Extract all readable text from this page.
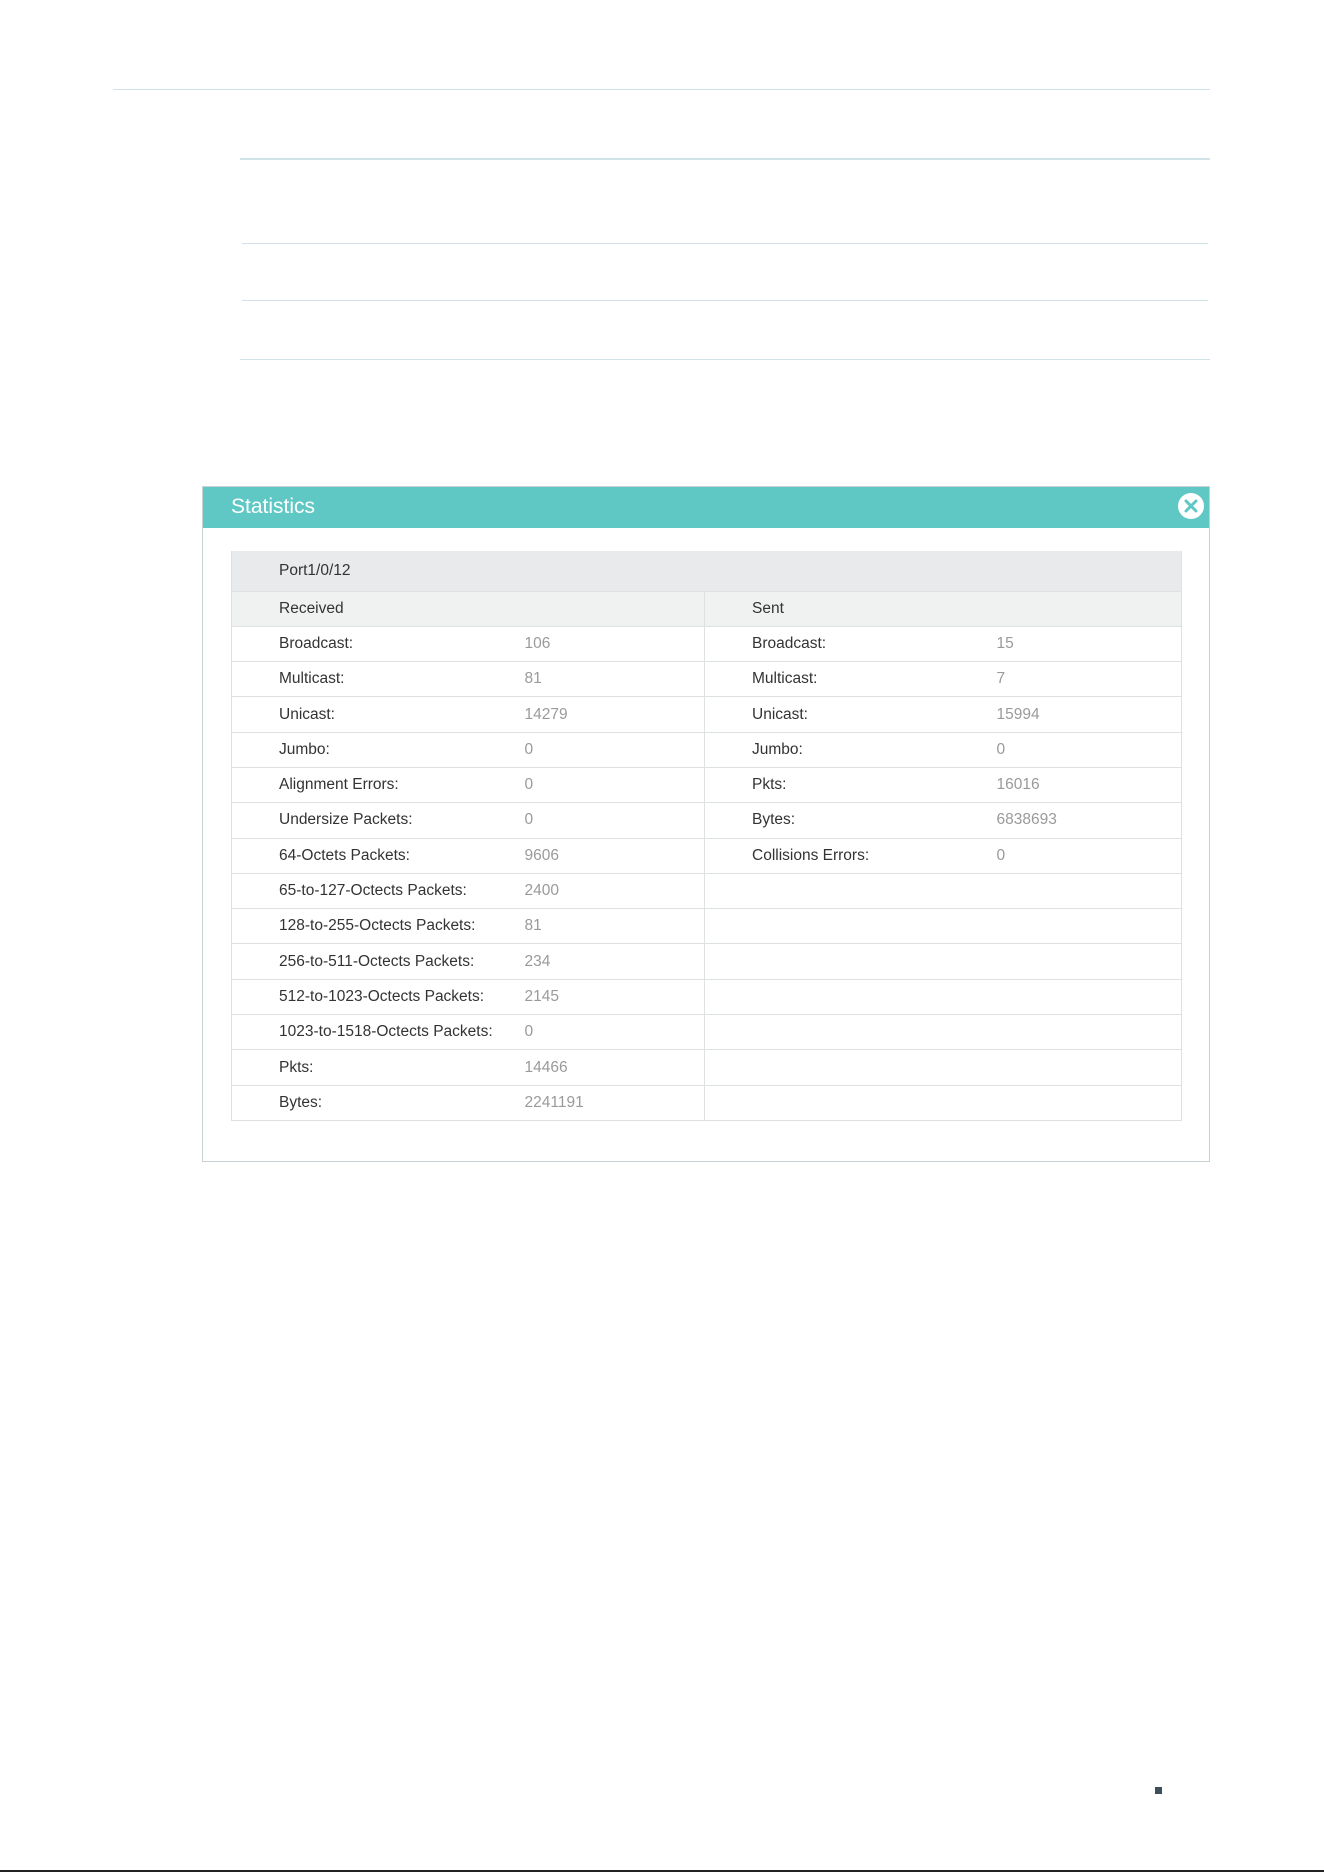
Statistics
Port1/0/12			
Received		Sent	
Broadcast:	106	Broadcast:	15
Multicast:	81	Multicast:	7
Unicast:	14279	Unicast:	15994
Jumbo:	0	Jumbo:	0
Alignment Errors:	0	Pkts:	16016
Undersize Packets:	0	Bytes:	6838693
64-Octets Packets:	9606	Collisions Errors:	0
65-to-127-Octects Packets:	2400		
128-to-255-Octects Packets:	81		
256-to-511-Octects Packets:	234		
512-to-1023-Octects Packets:	2145		
1023-to-1518-Octects Packets:	0		
Pkts:	14466		
Bytes:	2241191		
